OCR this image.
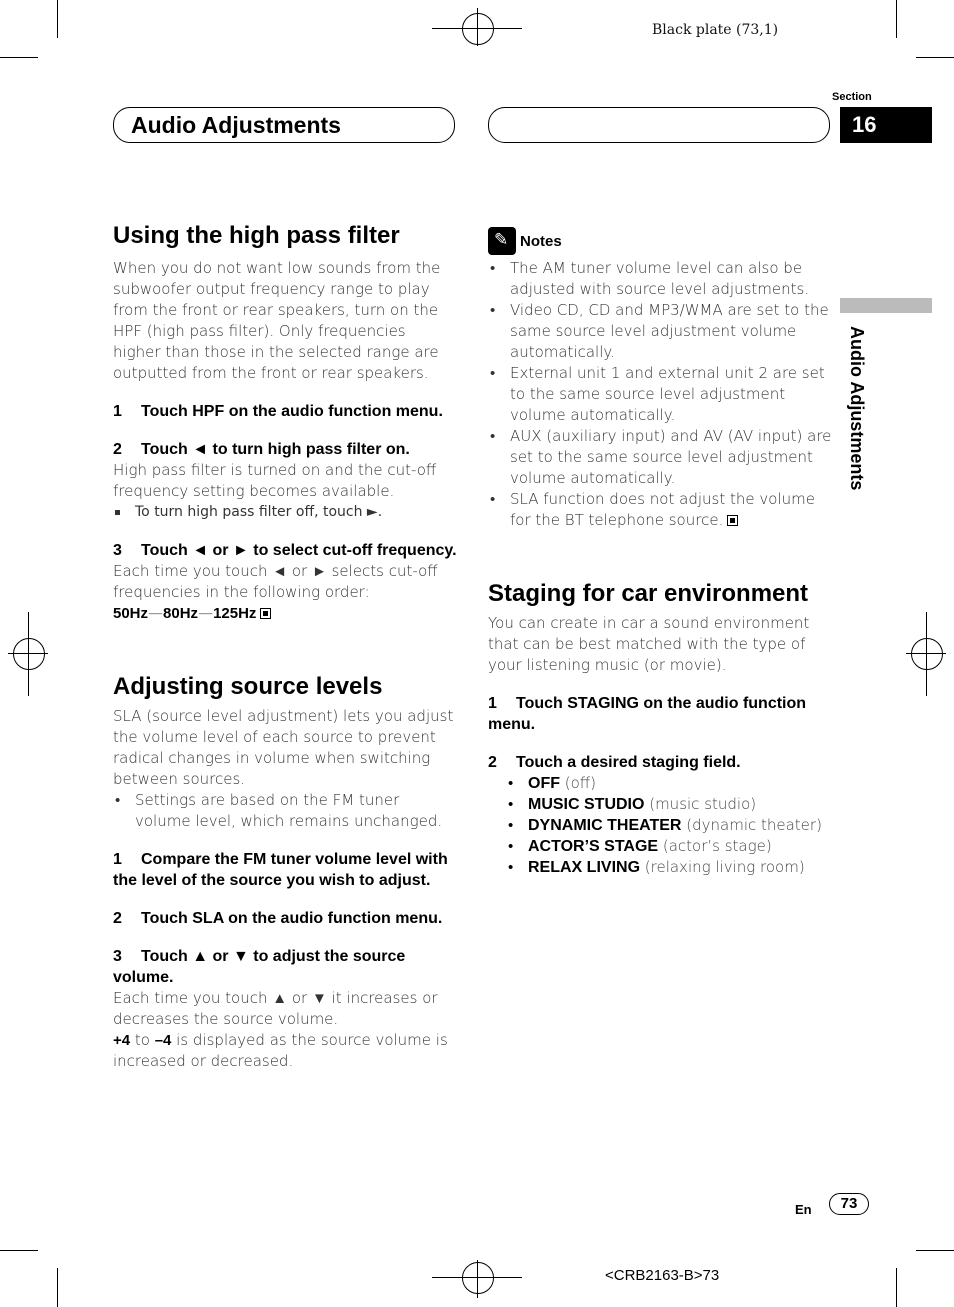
Black plate (73,1)
Audio Adjustments
Section
16
Audio Adjustments
Using the high pass filter

When you do not want low sounds from the subwoofer output frequency range to play from the front or rear speakers, turn on the HPF (high pass filter). Only frequencies higher than those in the selected range are outputted from the front or rear speakers.

1 Touch HPF on the audio function menu.
2 Touch ◄ to turn high pass filter on.

High pass filter is turned on and the cut-off frequency setting becomes available.

To turn high pass filter off, touch ►.
3 Touch ◄ or ► to select cut-off frequency.

Each time you touch ◄ or ► selects cut-off frequencies in the following order:

50Hz—80Hz—125Hz

Adjusting source levels

SLA (source level adjustment) lets you adjust the volume level of each source to prevent radical changes in volume when switching between sources.

• Settings are based on the FM tuner volume level, which remains unchanged.
1 Compare the FM tuner volume level with the level of the source you wish to adjust.
2 Touch SLA on the audio function menu.
3 Touch ▲ or ▼ to adjust the source volume.

Each time you touch ▲ or ▼ it increases or decreases the source volume.

+4 to –4 is displayed as the source volume is increased or decreased.

✎Notes
• The AM tuner volume level can also be adjusted with source level adjustments.
• Video CD, CD and MP3/WMA are set to the same source level adjustment volume automatically.
• External unit 1 and external unit 2 are set to the same source level adjustment volume automatically.
• AUX (auxiliary input) and AV (AV input) are set to the same source level adjustment volume automatically.
• SLA function does not adjust the volume for the BT telephone source.
Staging for car environment

You can create in car a sound environment that can be best matched with the type of your listening music (or movie).

1 Touch STAGING on the audio function menu.
2 Touch a desired staging field.
• OFF (off)
• MUSIC STUDIO (music studio)
• DYNAMIC THEATER (dynamic theater)
• ACTOR’S STAGE (actor’s stage)
• RELAX LIVING (relaxing living room)
En	73
<CRB2163-B>73
